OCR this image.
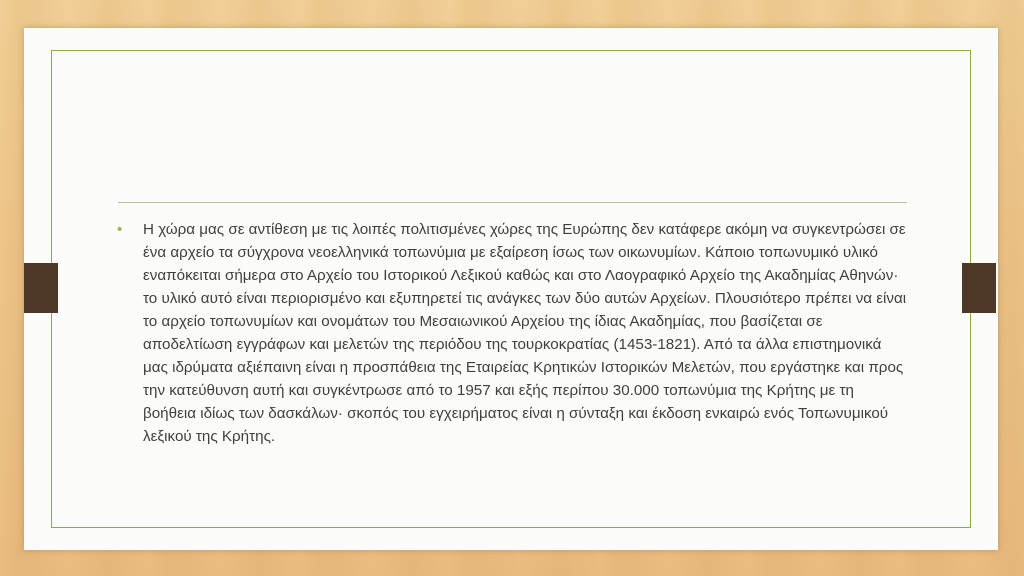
•	Η χώρα μας σε αντίθεση με τις λοιπές πολιτισμένες χώρες της Ευρώπης δεν κατάφερε ακόμη να συγκεντρώσει σε ένα αρχείο τα σύγχρονα νεοελληνικά τοπωνύμια με εξαίρεση ίσως των οικωνυμίων. Κάποιο τοπωνυμικό υλικό εναπόκειται σήμερα στο Αρχείο του Ιστορικού Λεξικού καθώς και στο Λαογραφικό Αρχείο της Ακαδημίας Αθηνών· το υλικό αυτό είναι περιορισμένο και εξυπηρετεί τις ανάγκες των δύο αυτών Αρχείων. Πλουσιότερο πρέπει να είναι το αρχείο τοπωνυμίων και ονομάτων του Μεσαιωνικού Αρχείου της ίδιας Ακαδημίας, που βασίζεται σε αποδελτίωση εγγράφων και μελετών της περιόδου της τουρκοκρατίας (1453-1821). Από τα άλλα επιστημονικά μας ιδρύματα αξιέπαινη είναι η προσπάθεια της Εταιρείας Κρητικών Ιστορικών Μελετών, που εργάστηκε και προς την κατεύθυνση αυτή και συγκέντρωσε από το 1957 και εξής περίπου 30.000 τοπωνύμια της Κρήτης με τη βοήθεια ιδίως των δασκάλων· σκοπός του εγχειρήματος είναι η σύνταξη και έκδοση ενκαιρώ ενός Τοπωνυμικού λεξικού της Κρήτης.
